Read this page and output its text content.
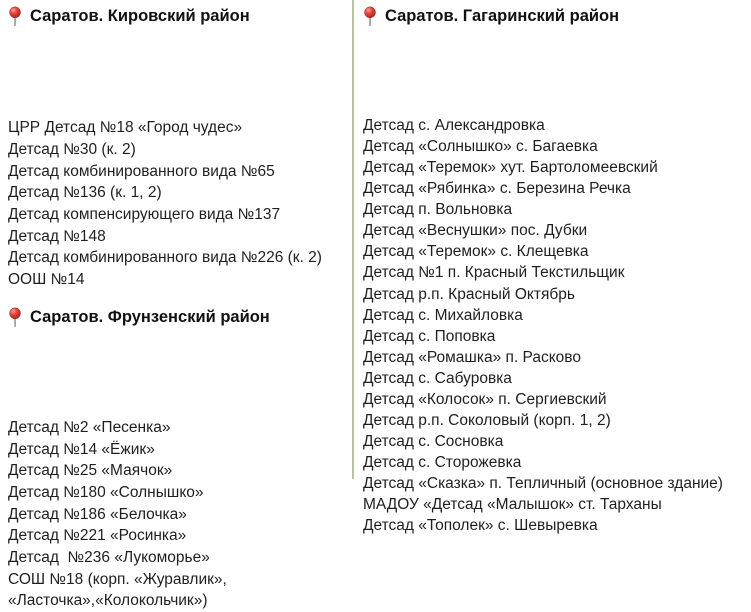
Саратов. Кировский район

ЦРР Детсад №18 «Город чудес»
Детсад №30 (к. 2)
Детсад комбинированного вида №65
Детсад №136 (к. 1, 2)
Детсад компенсирующего вида №137
Детсад №148
Детсад комбинированного вида №226 (к. 2)
ООШ №14
Саратов. Фрунзенский район

Детсад №2 «Песенка»
Детсад №14 «Ёжик»
Детсад №25 «Маячок»
Детсад №180 «Солнышко»
Детсад №186 «Белочка»
Детсад №221 «Росинка»
Детсад  №236 «Лукоморье»
СОШ №18 (корп. «Журавлик»,
«Ласточка»,«Колокольчик»)
Саратов. Гагаринский район

Детсад с. Александровка
Детсад «Солнышко» с. Багаевка
Детсад «Теремок» хут. Бартоломеевский
Детсад «Рябинка» с. Березина Речка
Детсад п. Вольновка
Детсад «Веснушки» пос. Дубки
Детсад «Теремок» с. Клещевка
Детсад №1 п. Красный Текстильщик
Детсад р.п. Красный Октябрь
Детсад с. Михайловка
Детсад с. Поповка
Детсад «Ромашка» п. Расково
Детсад с. Сабуровка
Детсад «Колосок» п. Сергиевский
Детсад р.п. Соколовый (корп. 1, 2)
Детсад с. Сосновка
Детсад с. Сторожевка
Детсад «Сказка» п. Тепличный (основное здание)
МАДОУ «Детсад «Малышок» ст. Тарханы
Детсад «Тополек» с. Шевыревка
